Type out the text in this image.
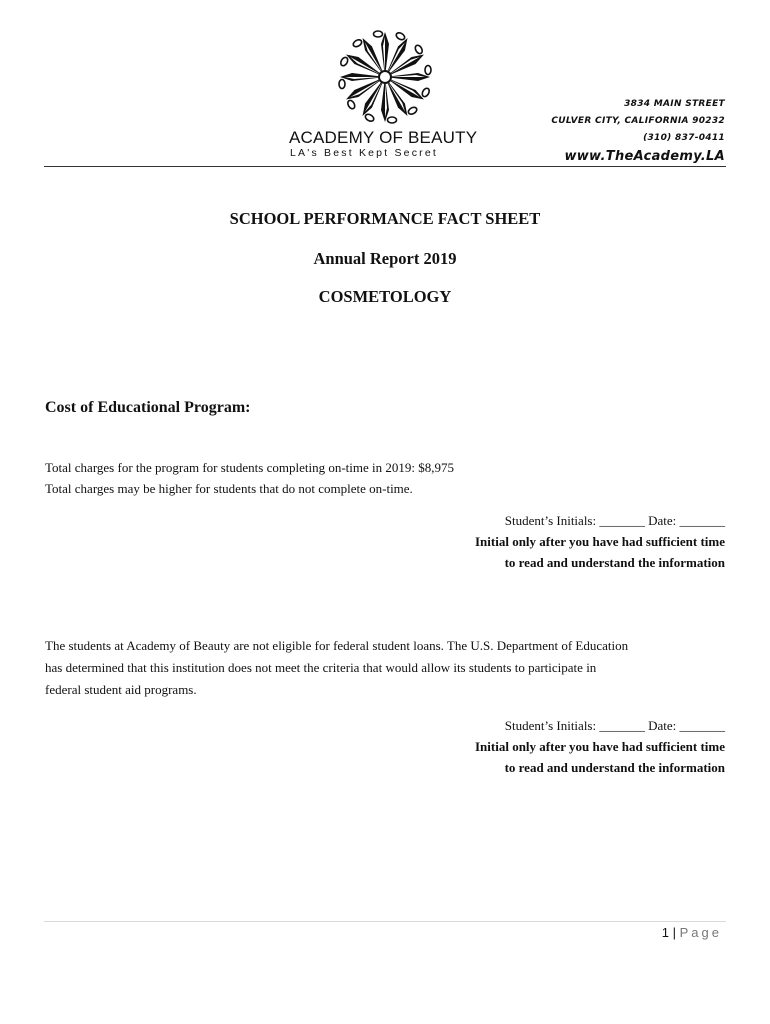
ACADEMY OF BEAUTY
LA's Best Kept Secret
3834 MAIN STREET
CULVER CITY, CALIFORNIA 90232
(310) 837-0411
www.TheAcademy.LA
SCHOOL PERFORMANCE FACT SHEET
Annual Report 2019
COSMETOLOGY
Cost of Educational Program:
Total charges for the program for students completing on-time in 2019: $8,975
Total charges may be higher for students that do not complete on-time.
Student’s Initials: _______ Date: _______
Initial only after you have had sufficient time
to read and understand the information
The students at Academy of Beauty are not eligible for federal student loans. The U.S. Department of Education
has determined that this institution does not meet the criteria that would allow its students to participate in
federal student aid programs.
Student’s Initials: _______ Date: _______
Initial only after you have had sufficient time
to read and understand the information
1 | Page
